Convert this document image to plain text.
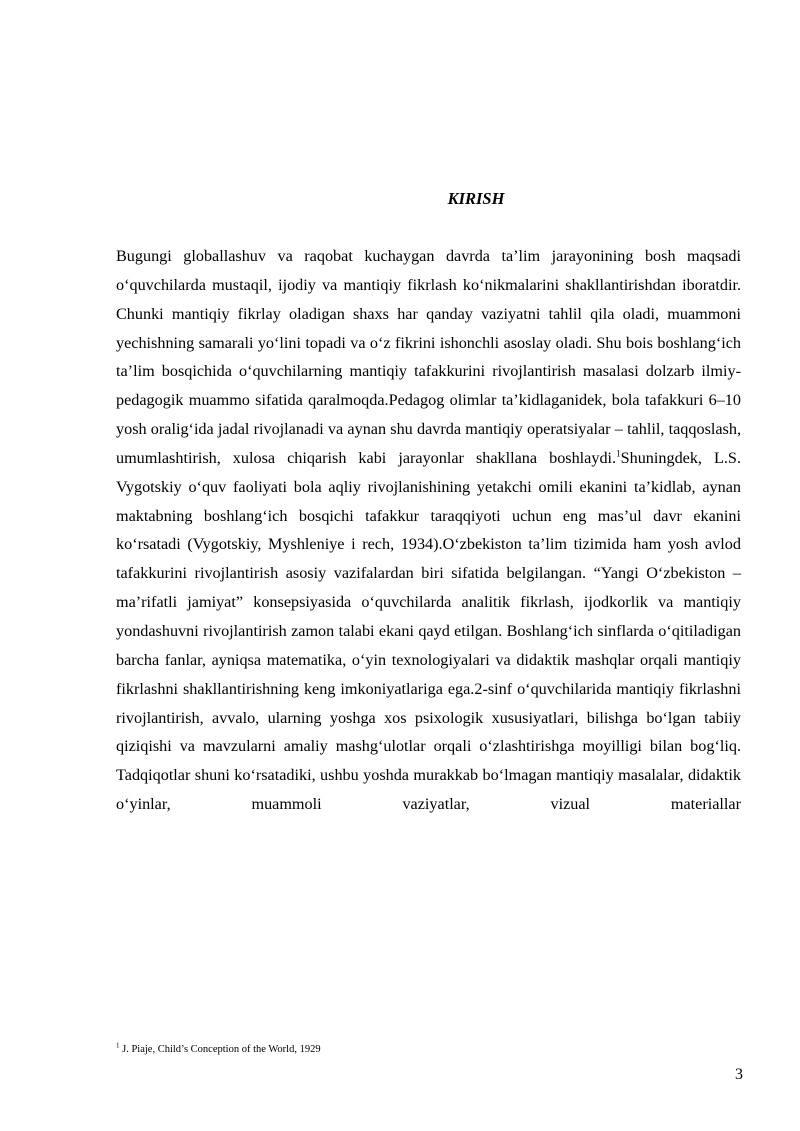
KIRISH

Bugungi globallashuv va raqobat kuchaygan davrda ta’lim jarayonining bosh maqsadi o‘quvchilarda mustaqil, ijodiy va mantiqiy fikrlash ko‘nikmalarini shakllantirishdan iboratdir. Chunki mantiqiy fikrlay oladigan shaxs har qanday vaziyatni tahlil qila oladi, muammoni yechishning samarali yo‘lini topadi va o‘z fikrini ishonchli asoslay oladi. Shu bois boshlang‘ich ta’lim bosqichida o‘quvchilarning mantiqiy tafakkurini rivojlantirish masalasi dolzarb ilmiy-pedagogik muammo sifatida qaralmoqda.Pedagog olimlar ta’kidlaganidek, bola tafakkuri 6–10 yosh oralig‘ida jadal rivojlanadi va aynan shu davrda mantiqiy operatsiyalar – tahlil, taqqoslash, umumlashtirish, xulosa chiqarish kabi jarayonlar shakllana boshlaydi.$^1$Shuningdek, L.S. Vygotskiy o‘quv faoliyati bola aqliy rivojlanishining yetakchi omili ekanini ta’kidlab, aynan maktabning boshlang‘ich bosqichi tafakkur taraqqiyoti uchun eng mas’ul davr ekanini ko‘rsatadi (Vygotskiy, Myshleniye i rech, 1934).O‘zbekiston ta’lim tizimida ham yosh avlod tafakkurini rivojlantirish asosiy vazifalardan biri sifatida belgilangan. “Yangi O‘zbekiston – ma’rifatli jamiyat” konsepsiyasida o‘quvchilarda analitik fikrlash, ijodkorlik va mantiqiy yondashuvni rivojlantirish zamon talabi ekani qayd etilgan. Boshlang‘ich sinflarda o‘qitiladigan barcha fanlar, ayniqsa matematika, o‘yin texnologiyalari va didaktik mashqlar orqali mantiqiy fikrlashni shakllantirishning keng imkoniyatlariga ega.2-sinf o‘quvchilarida mantiqiy fikrlashni rivojlantirish, avvalo, ularning yoshga xos psixologik xususiyatlari, bilishga bo‘lgan tabiiy qiziqishi va mavzularni amaliy mashg‘ulotlar orqali o‘zlashtirishga moyilligi bilan bog‘liq. Tadqiqotlar shuni ko‘rsatadiki, ushbu yoshda murakkab bo‘lmagan mantiqiy masalalar, didaktik o‘yinlar, muammoli vaziyatlar, vizual materiallar

$^1$ J. Piaje, Child’s Conception of the World, 1929
3
